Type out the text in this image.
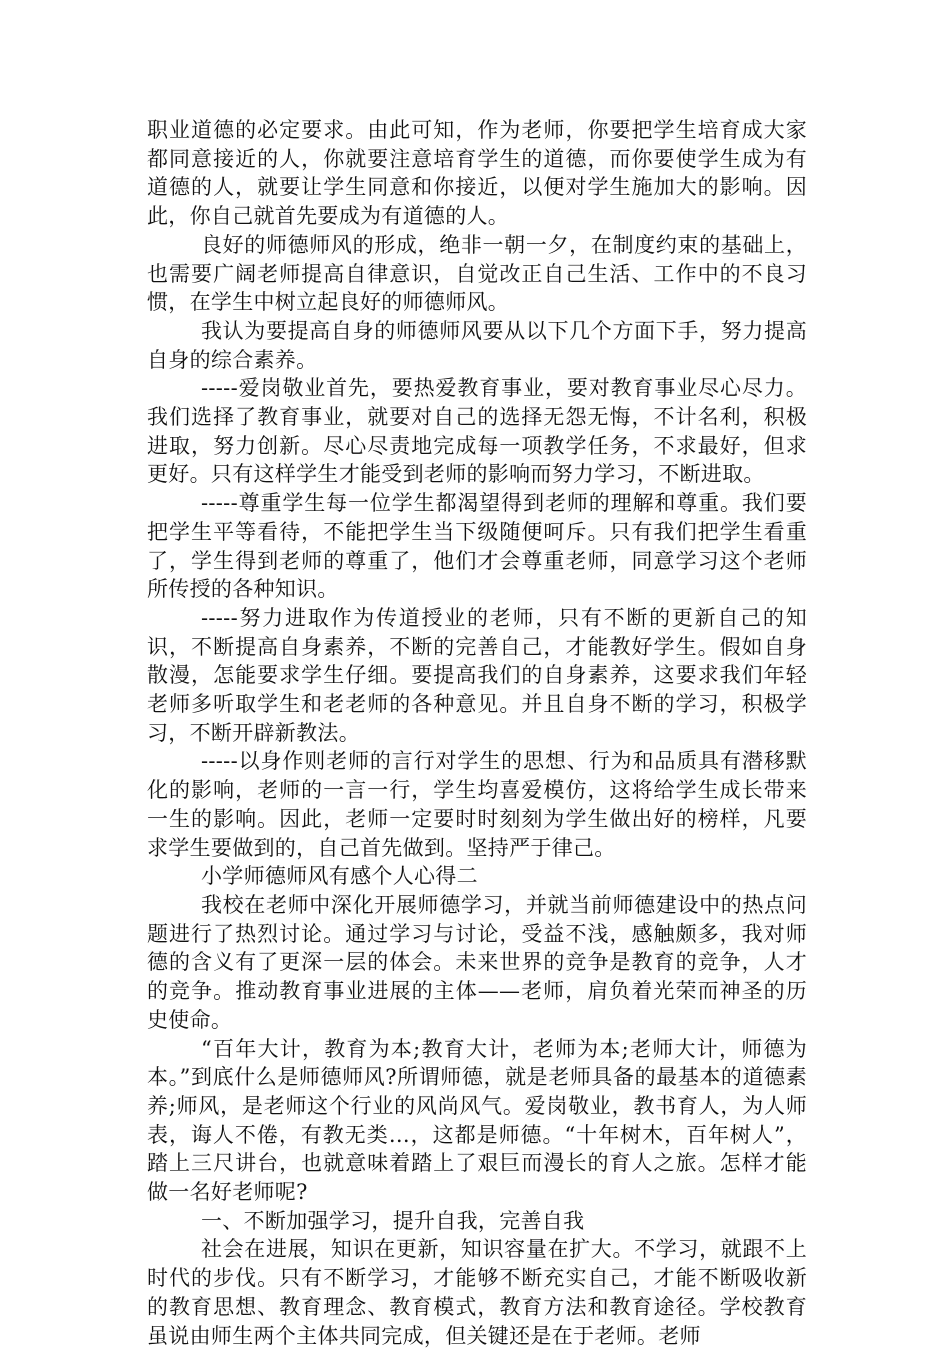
职业道德的必定要求。由此可知，作为老师，你要把学生培育成大家都同意接近的人，你就要注意培育学生的道德，而你要使学生成为有道德的人，就要让学生同意和你接近，以便对学生施加大的影响。因此，你自己就首先要成为有道德的人。

良好的师德师风的形成，绝非一朝一夕，在制度约束的基础上，也需要广阔老师提高自律意识，自觉改正自己生活、工作中的不良习惯，在学生中树立起良好的师德师风。

我认为要提高自身的师德师风要从以下几个方面下手，努力提高自身的综合素养。

-----爱岗敬业首先，要热爱教育事业，要对教育事业尽心尽力。我们选择了教育事业，就要对自己的选择无怨无悔，不计名利，积极进取，努力创新。尽心尽责地完成每一项教学任务，不求最好，但求更好。只有这样学生才能受到老师的影响而努力学习，不断进取。

-----尊重学生每一位学生都渴望得到老师的理解和尊重。我们要把学生平等看待，不能把学生当下级随便呵斥。只有我们把学生看重了，学生得到老师的尊重了，他们才会尊重老师，同意学习这个老师所传授的各种知识。

-----努力进取作为传道授业的老师，只有不断的更新自己的知识，不断提高自身素养，不断的完善自己，才能教好学生。假如自身散漫，怎能要求学生仔细。要提高我们的自身素养，这要求我们年轻老师多听取学生和老老师的各种意见。并且自身不断的学习，积极学习，不断开辟新教法。

-----以身作则老师的言行对学生的思想、行为和品质具有潜移默化的影响，老师的一言一行，学生均喜爱模仿，这将给学生成长带来一生的影响。因此，老师一定要时时刻刻为学生做出好的榜样，凡要求学生要做到的，自己首先做到。坚持严于律己。

小学师德师风有感个人心得二

我校在老师中深化开展师德学习，并就当前师德建设中的热点问题进行了热烈讨论。通过学习与讨论，受益不浅，感触颇多，我对师德的含义有了更深一层的体会。未来世界的竞争是教育的竞争，人才的竞争。推动教育事业进展的主体——老师，肩负着光荣而神圣的历史使命。

“百年大计，教育为本;教育大计，老师为本;老师大计，师德为本。”到底什么是师德师风?所谓师德，就是老师具备的最基本的道德素养;师风，是老师这个行业的风尚风气。爱岗敬业，教书育人，为人师表，诲人不倦，有教无类…，这都是师德。“十年树木，百年树人”，踏上三尺讲台，也就意味着踏上了艰巨而漫长的育人之旅。怎样才能做一名好老师呢?

一、不断加强学习，提升自我，完善自我

社会在进展，知识在更新，知识容量在扩大。不学习，就跟不上时代的步伐。只有不断学习，才能够不断充实自己，才能不断吸收新的教育思想、教育理念、教育模式，教育方法和教育途径。学校教育虽说由师生两个主体共同完成，但关键还是在于老师。老师
